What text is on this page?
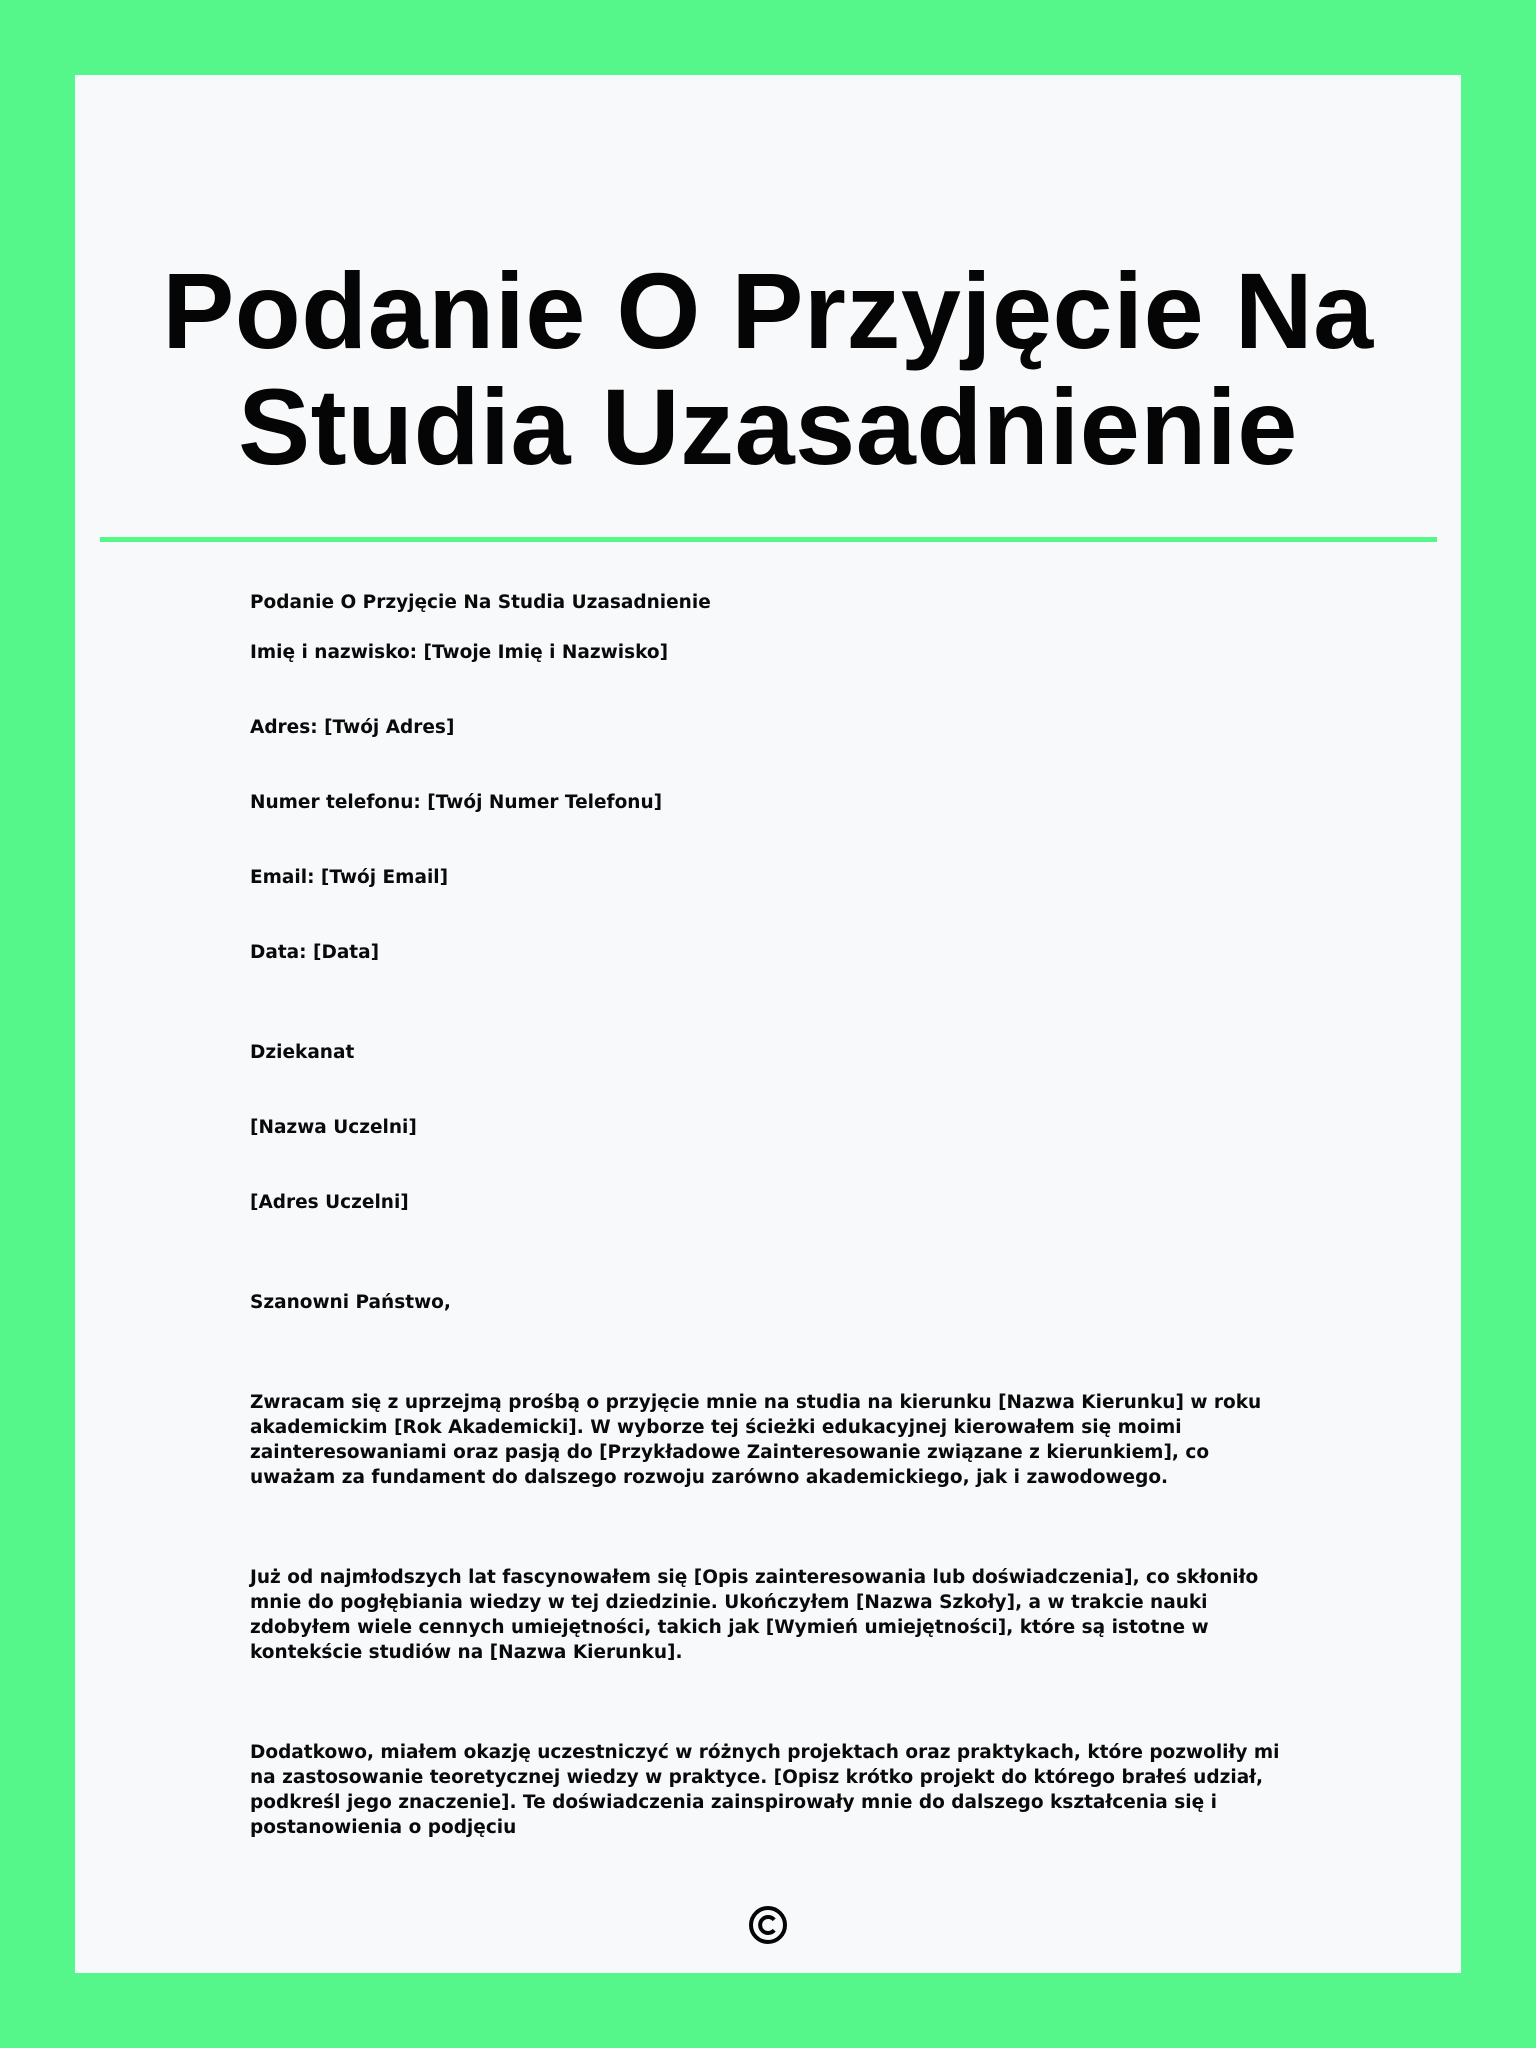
Podanie O Przyjęcie Na Studia Uzasadnienie

Podanie O Przyjęcie Na Studia Uzasadnienie

Imię i nazwisko: [Twoje Imię i Nazwisko]

Adres: [Twój Adres]

Numer telefonu: [Twój Numer Telefonu]

Email: [Twój Email]

Data: [Data]

Dziekanat

[Nazwa Uczelni]

[Adres Uczelni]

Szanowni Państwo,

Zwracam się z uprzejmą prośbą o przyjęcie mnie na studia na kierunku [Nazwa Kierunku] w roku akademickim [Rok Akademicki]. W wyborze tej ścieżki edukacyjnej kierowałem się moimi zainteresowaniami oraz pasją do [Przykładowe Zainteresowanie związane z kierunkiem], co uważam za fundament do dalszego rozwoju zarówno akademickiego, jak i zawodowego.

Już od najmłodszych lat fascynowałem się [Opis zainteresowania lub doświadczenia], co skłoniło mnie do pogłębiania wiedzy w tej dziedzinie. Ukończyłem [Nazwa Szkoły], a w trakcie nauki zdobyłem wiele cennych umiejętności, takich jak [Wymień umiejętności], które są istotne w kontekście studiów na [Nazwa Kierunku].

Dodatkowo, miałem okazję uczestniczyć w różnych projektach oraz praktykach, które pozwoliły mi na zastosowanie teoretycznej wiedzy w praktyce. [Opisz krótko projekt do którego brałeś udział, podkreśl jego znaczenie]. Te doświadczenia zainspirowały mnie do dalszego kształcenia się i postanowienia o podjęciu
